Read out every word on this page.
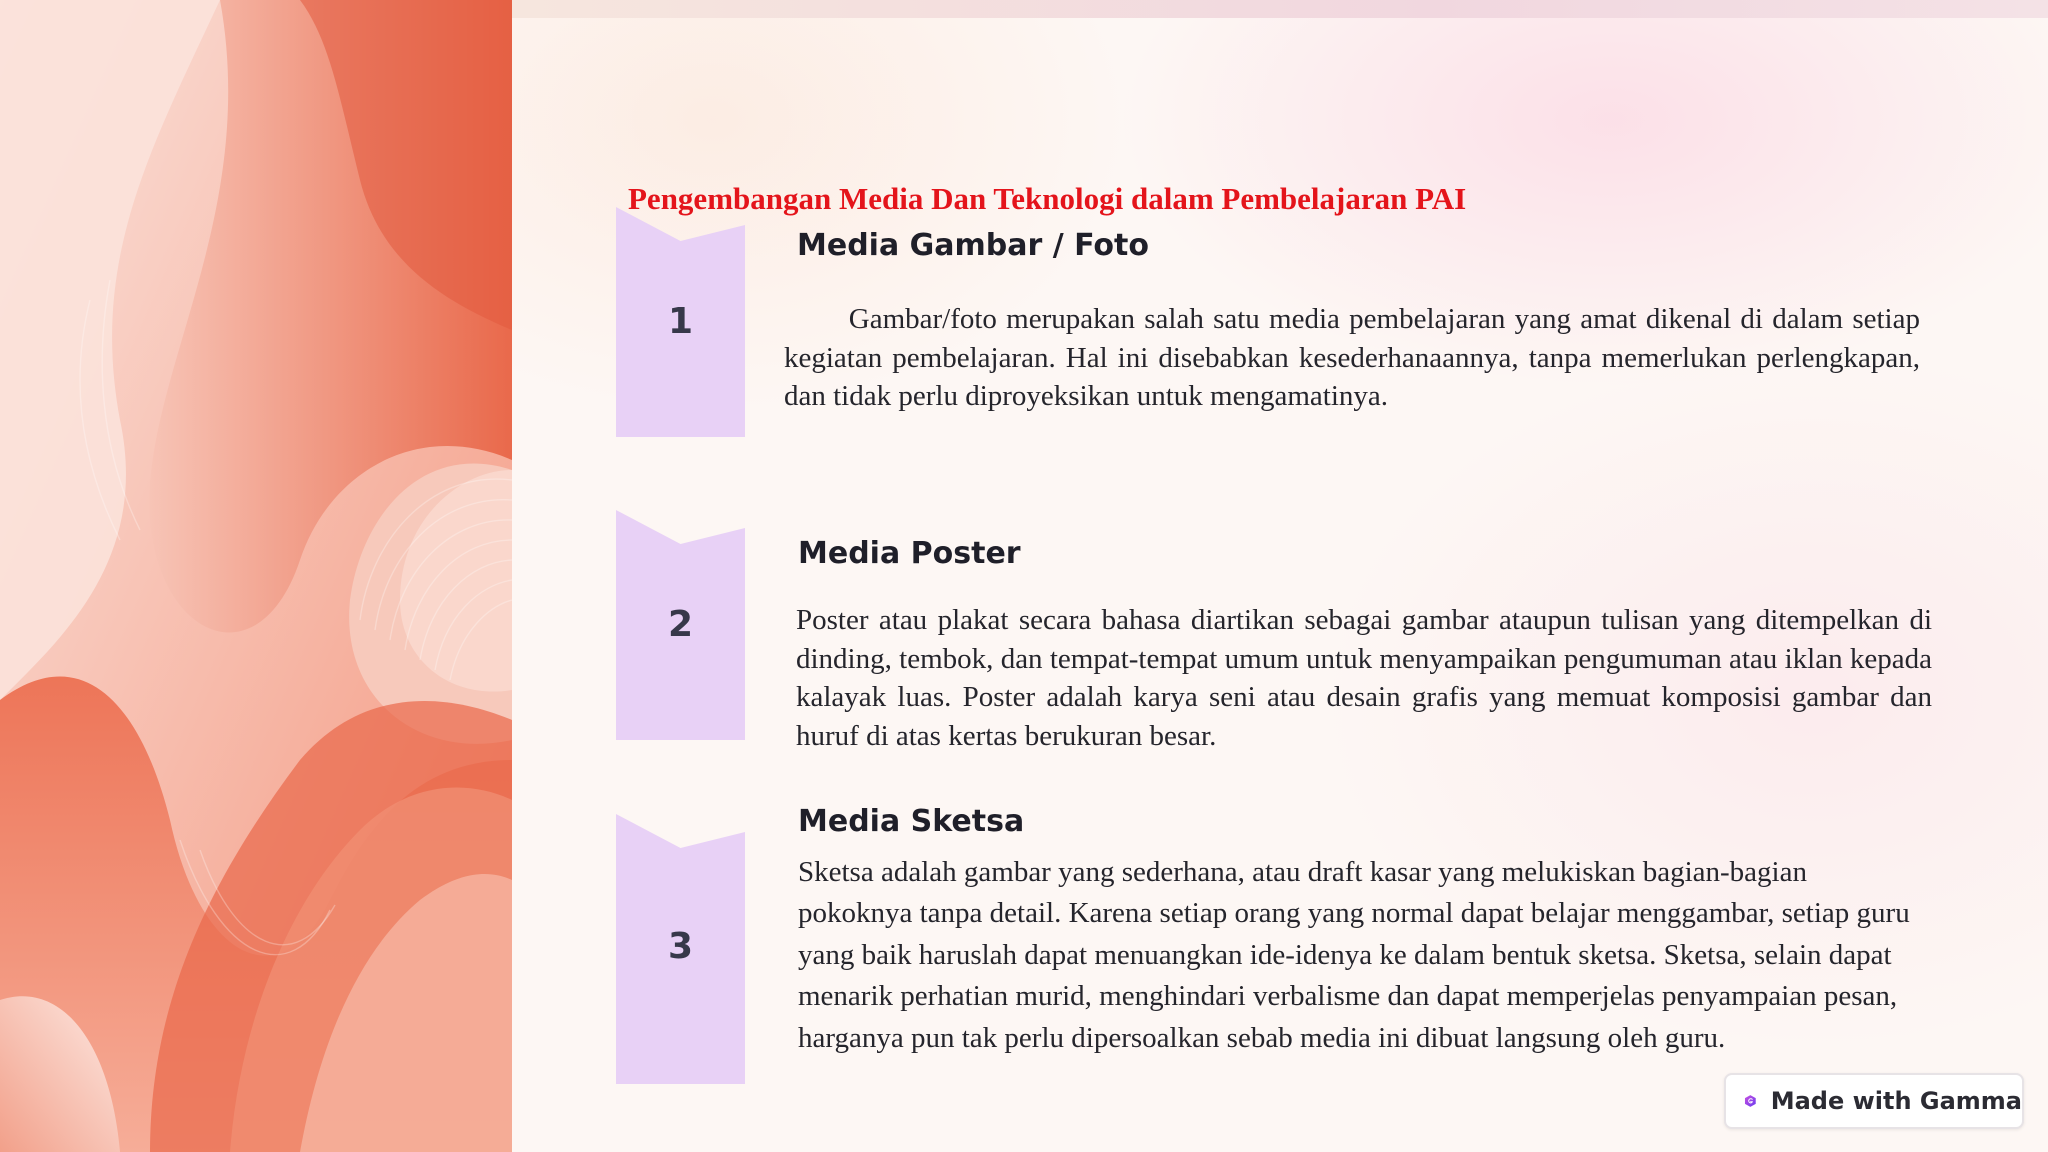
Pengembangan Media Dan Teknologi dalam Pembelajaran PAI
1
Media Gambar / Foto
Gambar/foto merupakan salah satu media pembelajaran yang amat dikenal di dalam setiap kegiatan pembelajaran. Hal ini disebabkan kesederhanaannya, tanpa memerlukan perlengkapan, dan tidak perlu diproyeksikan untuk mengamatinya.
2
Media Poster
Poster atau plakat secara bahasa diartikan sebagai gambar ataupun tulisan yang ditempelkan di dinding, tembok, dan tempat-tempat umum untuk menyampaikan pengumuman atau iklan kepada kalayak luas. Poster adalah karya seni atau desain grafis yang memuat komposisi gambar dan huruf di atas kertas berukuran besar.
3
Media Sketsa
Sketsa adalah gambar yang sederhana, atau draft kasar yang melukiskan bagian-bagian pokoknya tanpa detail. Karena setiap orang yang normal dapat belajar menggambar, setiap guru yang baik haruslah dapat menuangkan ide-idenya ke dalam bentuk sketsa. Sketsa, selain dapat menarik perhatian murid, menghindari verbalisme dan dapat memperjelas penyampaian pesan, harganya pun tak perlu dipersoalkan sebab media ini dibuat langsung oleh guru.
Made with Gamma
